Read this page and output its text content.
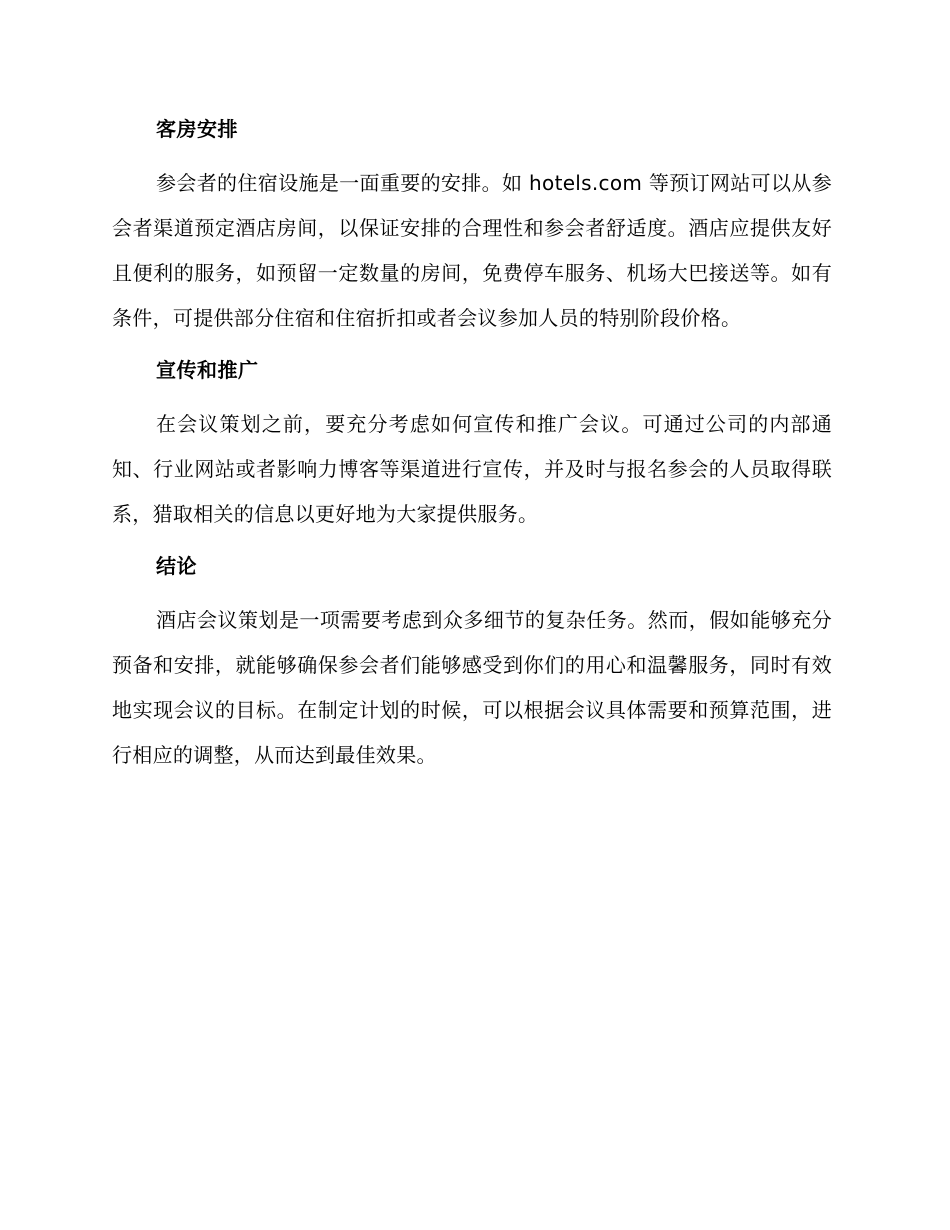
客房安排

参会者的住宿设施是一面重要的安排。如 hotels.com 等预订网站可以从参会者渠道预定酒店房间，以保证安排的合理性和参会者舒适度。酒店应提供友好且便利的服务，如预留一定数量的房间，免费停车服务、机场大巴接送等。如有条件，可提供部分住宿和住宿折扣或者会议参加人员的特别阶段价格。

宣传和推广

在会议策划之前，要充分考虑如何宣传和推广会议。可通过公司的内部通知、行业网站或者影响力博客等渠道进行宣传，并及时与报名参会的人员取得联系，猎取相关的信息以更好地为大家提供服务。

结论

酒店会议策划是一项需要考虑到众多细节的复杂任务。然而，假如能够充分预备和安排，就能够确保参会者们能够感受到你们的用心和温馨服务，同时有效地实现会议的目标。在制定计划的时候，可以根据会议具体需要和预算范围，进行相应的调整，从而达到最佳效果。
